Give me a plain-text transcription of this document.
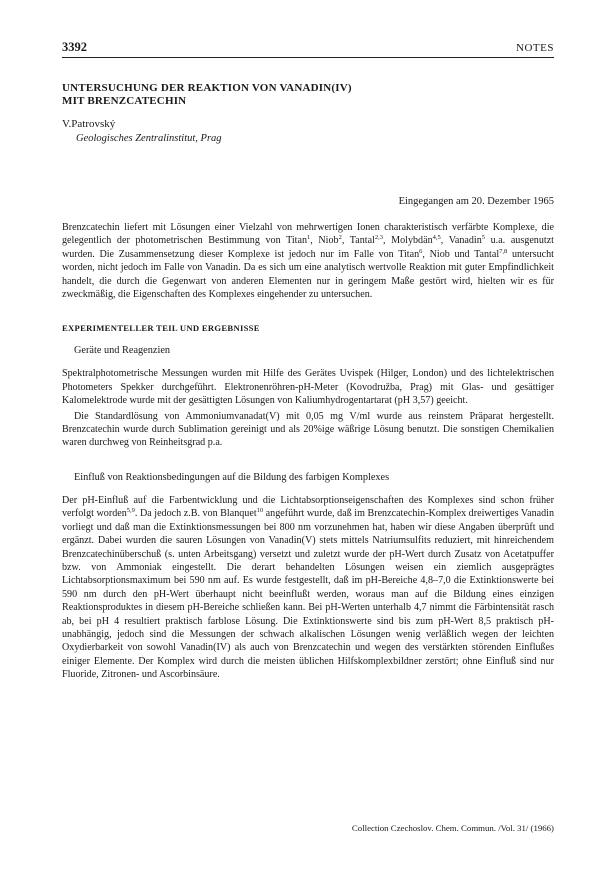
3392	NOTES
UNTERSUCHUNG DER REAKTION VON VANADIN(IV)
MIT BRENZCATECHIN
V.Patrovský
Geologisches Zentralinstitut, Prag
Eingegangen am 20. Dezember 1965

Brenzcatechin liefert mit Lösungen einer Vielzahl von mehrwertigen Ionen charakteristisch verfärbte Komplexe, die gelegentlich der photometrischen Bestimmung von Titan$^1$, Niob$^2$, Tantal$^{2,3}$, Molybdän$^{4,5}$, Vanadin$^5$ u.a. ausgenutzt wurden. Die Zusammensetzung dieser Komplexe ist jedoch nur im Falle von Titan$^6$, Niob und Tantal$^{7,8}$ untersucht worden, nicht jedoch im Falle von Vanadin. Da es sich um eine analytisch wertvolle Reaktion mit guter Empfindlichkeit handelt, die durch die Gegenwart von anderen Elementen nur in geringem Maße gestört wird, hielten wir es für zweckmäßig, die Eigenschaften des Komplexes eingehender zu untersuchen.

EXPERIMENTELLER TEIL UND ERGEBNISSE
Geräte und Reagenzien

Spektralphotometrische Messungen wurden mit Hilfe des Gerätes Uvispek (Hilger, London) und des lichtelektrischen Photometers Spekker durchgeführt. Elektronenröhren-pH-Meter (Kovodružba, Prag) mit Glas- und gesättiger Kalomelektrode wurde mit der gesättigten Lösungen von Kaliumhydrogentartarat (pH 3,57) geeicht.

Die Standardlösung von Ammoniumvanadat(V) mit 0,05 mg V/ml wurde aus reinstem Präparat hergestellt. Brenzcatechin wurde durch Sublimation gereinigt und als 20%ige wäßrige Lösung benutzt. Die sonstigen Chemikalien waren durchweg von Reinheitsgrad p.a.

Einfluß von Reaktionsbedingungen auf die Bildung des farbigen Komplexes

Der pH-Einfluß auf die Farbentwicklung und die Lichtabsorptionseigenschaften des Komplexes sind schon früher verfolgt worden$^{5,9}$. Da jedoch z.B. von Blanquet$^{10}$ angeführt wurde, daß im Brenzcatechin-Komplex dreiwertiges Vanadin vorliegt und daß man die Extinktionsmessungen bei 800 nm vorzunehmen hat, haben wir diese Angaben überprüft und ergänzt. Dabei wurden die sauren Lösungen von Vanadin(V) stets mittels Natriumsulfits reduziert, mit hinreichendem Brenzcatechinüberschuß (s. unten Arbeitsgang) versetzt und zuletzt wurde der pH-Wert durch Zusatz von Acetatpuffer bzw. von Ammoniak eingestellt. Die derart behandelten Lösungen weisen ein ziemlich ausgeprägtes Lichtabsorptionsmaximum bei 590 nm auf. Es wurde festgestellt, daß im pH-Bereiche 4,8–7,0 die Extinktionswerte bei 590 nm durch den pH-Wert überhaupt nicht beeinflußt werden, woraus man auf die Bildung eines einzigen Reaktionsproduktes in diesem pH-Bereiche schließen kann. Bei pH-Werten unterhalb 4,7 nimmt die Färbintensität rasch ab, bei pH 4 resultiert praktisch farblose Lösung. Die Extinktionswerte sind bis zum pH-Wert 8,5 praktisch pH-unabhängig, jedoch sind die Messungen der schwach alkalischen Lösungen wenig verläßlich wegen der leichten Oxydierbarkeit von sowohl Vanadin(IV) als auch von Brenzcatechin und wegen des verstärkten störenden Einflußes einiger Elemente. Der Komplex wird durch die meisten üblichen Hilfskomplexbildner zerstört; ohne Einfluß sind nur Fluoride, Zitronen- und Ascorbinsäure.

Collection Czechoslov. Chem. Commun. /Vol. 31/ (1966)
